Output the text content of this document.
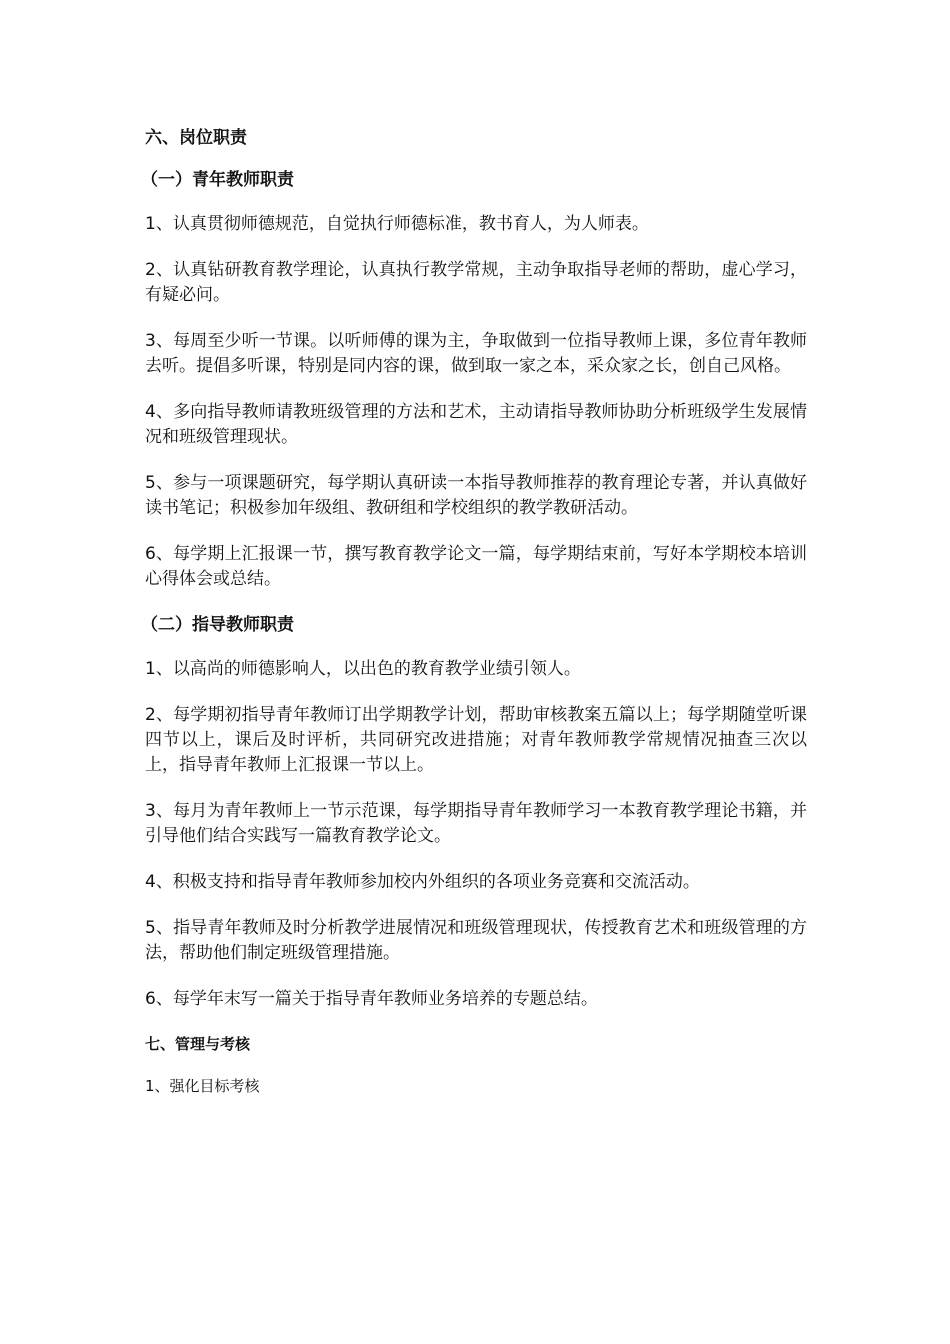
六、岗位职责
（一）青年教师职责
1、认真贯彻师德规范，自觉执行师德标准，教书育人，为人师表。
2、认真钻研教育教学理论，认真执行教学常规，主动争取指导老师的帮助，虚心学习，有疑必问。
3、每周至少听一节课。以听师傅的课为主，争取做到一位指导教师上课，多位青年教师去听。提倡多听课，特别是同内容的课，做到取一家之本，采众家之长，创自己风格。
4、多向指导教师请教班级管理的方法和艺术，主动请指导教师协助分析班级学生发展情况和班级管理现状。
5、参与一项课题研究，每学期认真研读一本指导教师推荐的教育理论专著，并认真做好读书笔记；积极参加年级组、教研组和学校组织的教学教研活动。
6、每学期上汇报课一节，撰写教育教学论文一篇，每学期结束前，写好本学期校本培训心得体会或总结。
（二）指导教师职责
1、以高尚的师德影响人，以出色的教育教学业绩引领人。
2、每学期初指导青年教师订出学期教学计划，帮助审核教案五篇以上；每学期随堂听课四节以上，课后及时评析，共同研究改进措施；对青年教师教学常规情况抽查三次以上，指导青年教师上汇报课一节以上。
3、每月为青年教师上一节示范课，每学期指导青年教师学习一本教育教学理论书籍，并引导他们结合实践写一篇教育教学论文。
4、积极支持和指导青年教师参加校内外组织的各项业务竞赛和交流活动。
5、指导青年教师及时分析教学进展情况和班级管理现状，传授教育艺术和班级管理的方法，帮助他们制定班级管理措施。
6、每学年末写一篇关于指导青年教师业务培养的专题总结。
七、管理与考核
1、强化目标考核
